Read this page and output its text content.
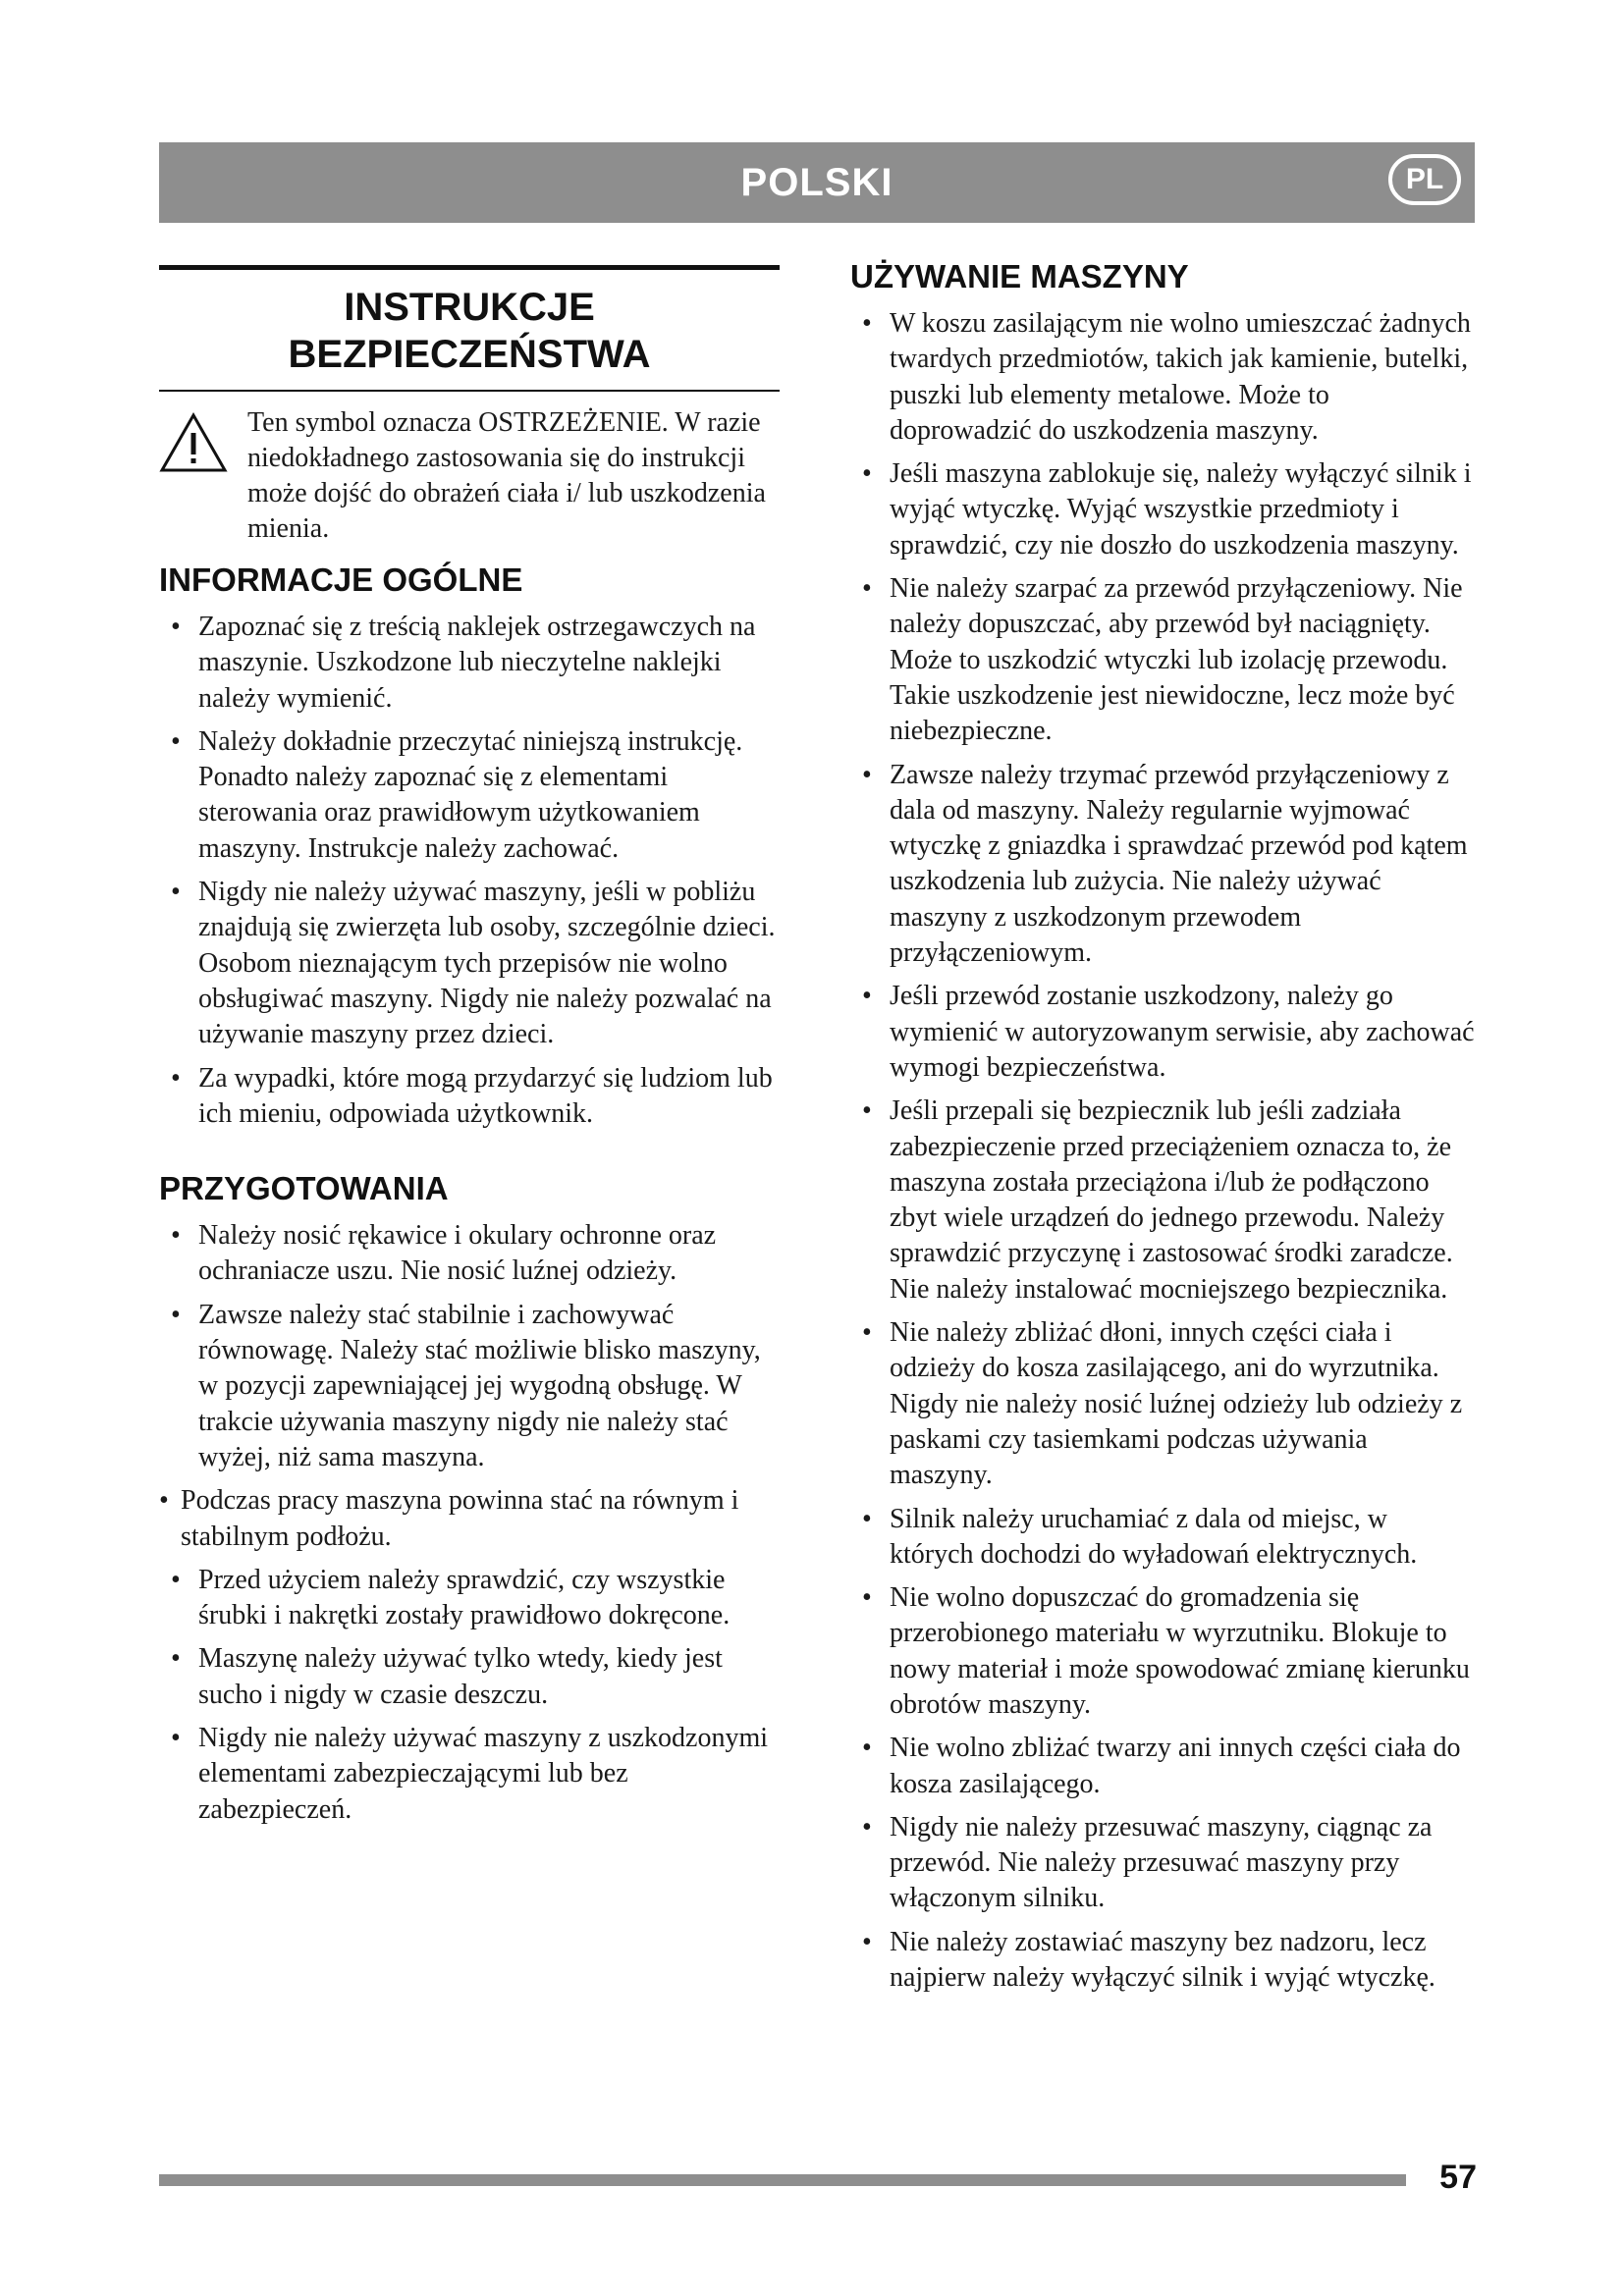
POLSKI	PL
INSTRUKCJE
BEZPIECZEŃSTWA

Ten symbol oznacza OSTRZEŻENIE. W razie niedokładnego zastosowania się do instrukcji może dojść do obrażeń ciała i/ lub uszkodzenia mienia.

INFORMACJE OGÓLNE
• Zapoznać się z treścią naklejek ostrzegawczych na maszynie. Uszkodzone lub nieczytelne naklejki należy wymienić.
• Należy dokładnie przeczytać niniejszą instrukcję. Ponadto należy zapoznać się z elementami sterowania oraz prawidłowym użytkowaniem maszyny. Instrukcje należy zachować.
• Nigdy nie należy używać maszyny, jeśli w pobliżu znajdują się zwierzęta lub osoby, szczególnie dzieci. Osobom nieznającym tych przepisów nie wolno obsługiwać maszyny. Nigdy nie należy pozwalać na używanie maszyny przez dzieci.
• Za wypadki, które mogą przydarzyć się ludziom lub ich mieniu, odpowiada użytkownik.
PRZYGOTOWANIA
• Należy nosić rękawice i okulary ochronne oraz ochraniacze uszu. Nie nosić luźnej odzieży.
• Zawsze należy stać stabilnie i zachowywać równowagę. Należy stać możliwie blisko maszyny, w pozycji zapewniającej jej wygodną obsługę. W trakcie używania maszyny nigdy nie należy stać wyżej, niż sama maszyna.
• Podczas pracy maszyna powinna stać na równym i stabilnym podłożu.
• Przed użyciem należy sprawdzić, czy wszystkie śrubki i nakrętki zostały prawidłowo dokręcone.
• Maszynę należy używać tylko wtedy, kiedy jest sucho i nigdy w czasie deszczu.
• Nigdy nie należy używać maszyny z uszkodzonymi elementami zabezpieczającymi lub bez zabezpieczeń.
UŻYWANIE MASZYNY
• W koszu zasilającym nie wolno umieszczać żadnych twardych przedmiotów, takich jak kamienie, butelki, puszki lub elementy metalowe. Może to doprowadzić do uszkodzenia maszyny.
• Jeśli maszyna zablokuje się, należy wyłączyć silnik i wyjąć wtyczkę. Wyjąć wszystkie przedmioty i sprawdzić, czy nie doszło do uszkodzenia maszyny.
• Nie należy szarpać za przewód przyłączeniowy. Nie należy dopuszczać, aby przewód był naciągnięty. Może to uszkodzić wtyczki lub izolację przewodu. Takie uszkodzenie jest niewidoczne, lecz może być niebezpieczne.
• Zawsze należy trzymać przewód przyłączeniowy z dala od maszyny. Należy regularnie wyjmować wtyczkę z gniazdka i sprawdzać przewód pod kątem uszkodzenia lub zużycia. Nie należy używać maszyny z uszkodzonym przewodem przyłączeniowym.
• Jeśli przewód zostanie uszkodzony, należy go wymienić w autoryzowanym serwisie, aby zachować wymogi bezpieczeństwa.
• Jeśli przepali się bezpiecznik lub jeśli zadziała zabezpieczenie przed przeciążeniem oznacza to, że maszyna została przeciążona i/lub że podłączono zbyt wiele urządzeń do jednego przewodu. Należy sprawdzić przyczynę i zastosować środki zaradcze. Nie należy instalować mocniejszego bezpiecznika.
• Nie należy zbliżać dłoni, innych części ciała i odzieży do kosza zasilającego, ani do wyrzutnika. Nigdy nie należy nosić luźnej odzieży lub odzieży z paskami czy tasiemkami podczas używania maszyny.
• Silnik należy uruchamiać z dala od miejsc, w których dochodzi do wyładowań elektrycznych.
• Nie wolno dopuszczać do gromadzenia się przerobionego materiału w wyrzutniku. Blokuje to nowy materiał i może spowodować zmianę kierunku obrotów maszyny.
• Nie wolno zbliżać twarzy ani innych części ciała do kosza zasilającego.
• Nigdy nie należy przesuwać maszyny, ciągnąc za przewód. Nie należy przesuwać maszyny przy włączonym silniku.
• Nie należy zostawiać maszyny bez nadzoru, lecz najpierw należy wyłączyć silnik i wyjąć wtyczkę.
57
